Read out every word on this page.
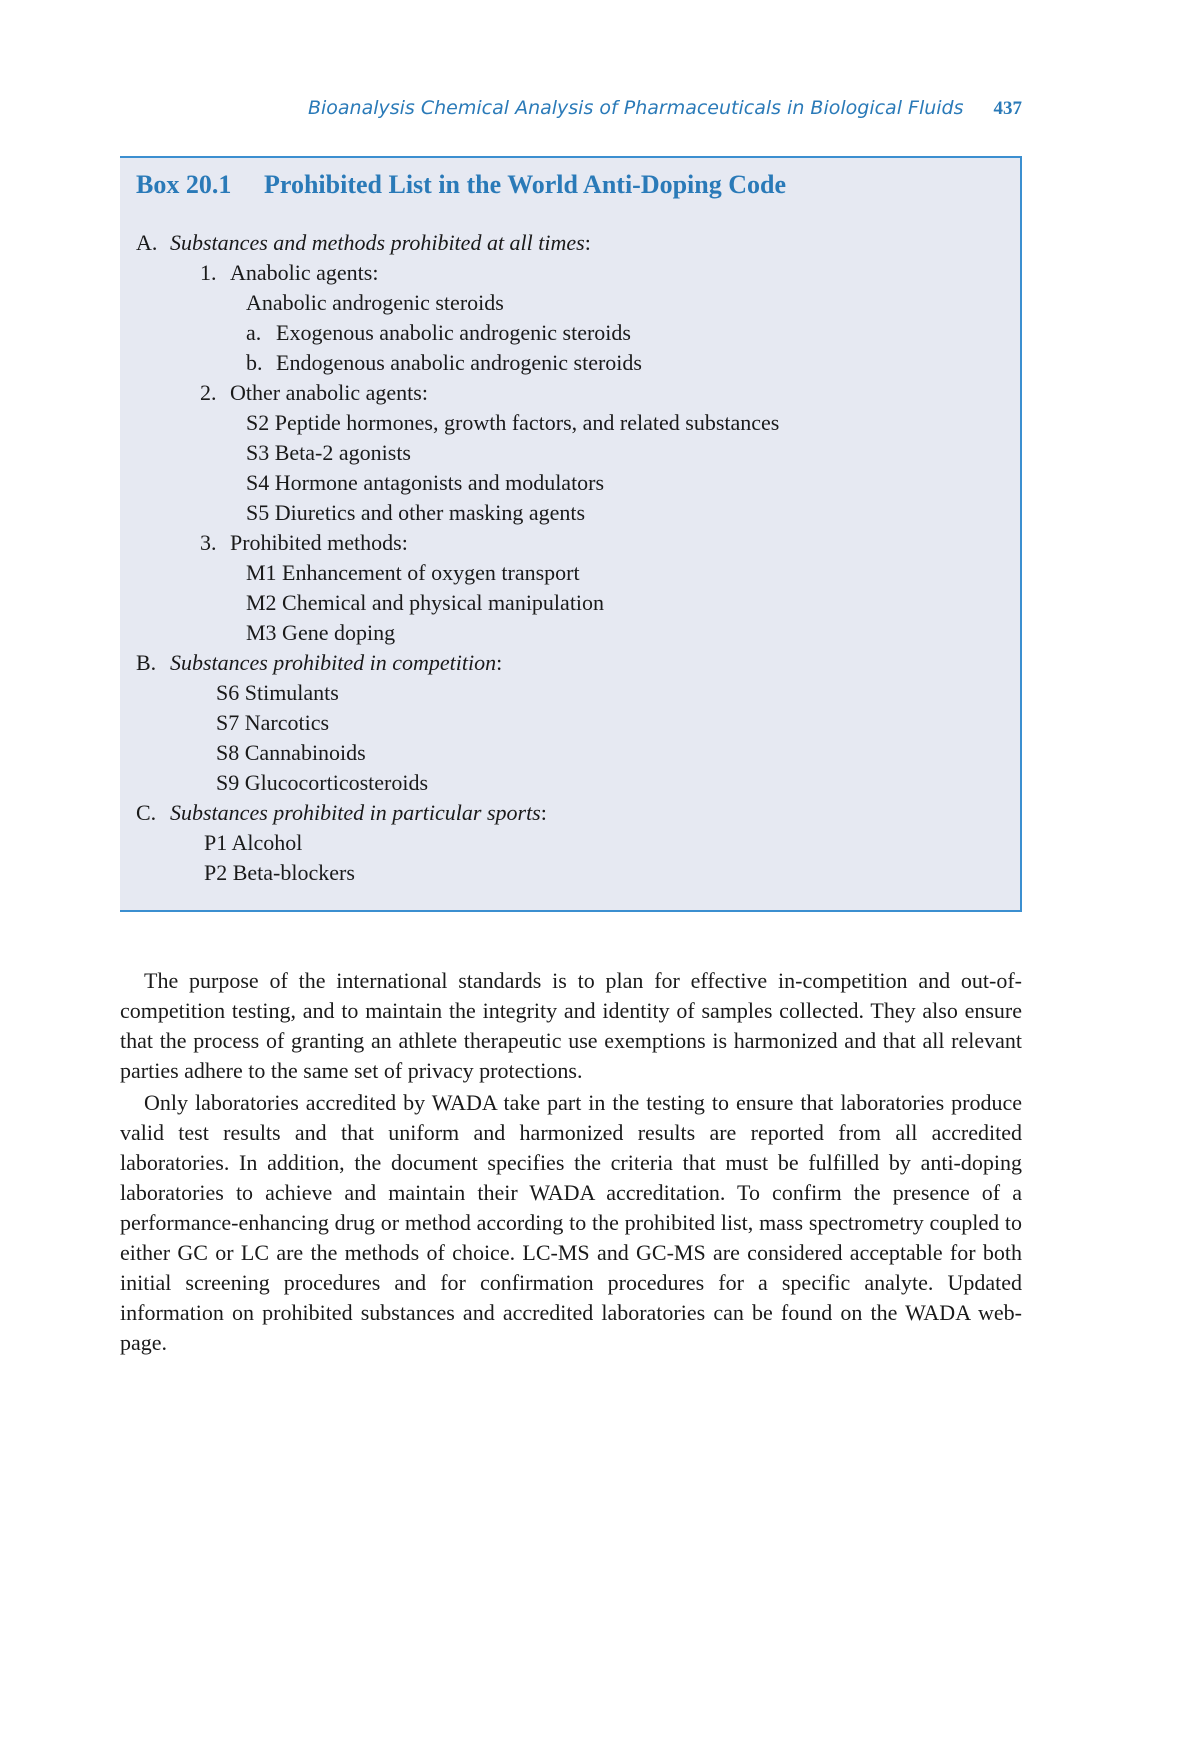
Bioanalysis Chemical Analysis of Pharmaceuticals in Biological Fluids 437
Box 20.1 Prohibited List in the World Anti-Doping Code
A. Substances and methods prohibited at all times:
1. Anabolic agents:
Anabolic androgenic steroids
a. Exogenous anabolic androgenic steroids
b. Endogenous anabolic androgenic steroids
2. Other anabolic agents:
S2 Peptide hormones, growth factors, and related substances
S3 Beta-2 agonists
S4 Hormone antagonists and modulators
S5 Diuretics and other masking agents
3. Prohibited methods:
M1 Enhancement of oxygen transport
M2 Chemical and physical manipulation
M3 Gene doping
B. Substances prohibited in competition:
S6 Stimulants
S7 Narcotics
S8 Cannabinoids
S9 Glucocorticosteroids
C. Substances prohibited in particular sports:
P1 Alcohol
P2 Beta-blockers

The purpose of the international standards is to plan for effective in-competition and out-of-competition testing, and to maintain the integrity and identity of samples collected. They also ensure that the process of granting an athlete therapeutic use exemptions is harmonized and that all relevant parties adhere to the same set of privacy protections.

Only laboratories accredited by WADA take part in the testing to ensure that laboratories produce valid test results and that uniform and harmonized results are reported from all accredited laboratories. In addition, the document specifies the criteria that must be fulfilled by anti-doping laboratories to achieve and maintain their WADA accreditation. To confirm the presence of a performance-enhancing drug or method according to the prohibited list, mass spectrometry coupled to either GC or LC are the methods of choice. LC-MS and GC-MS are considered acceptable for both initial screening procedures and for confirmation procedures for a specific analyte. Updated information on prohibited substances and accredited laboratories can be found on the WADA web-page.
